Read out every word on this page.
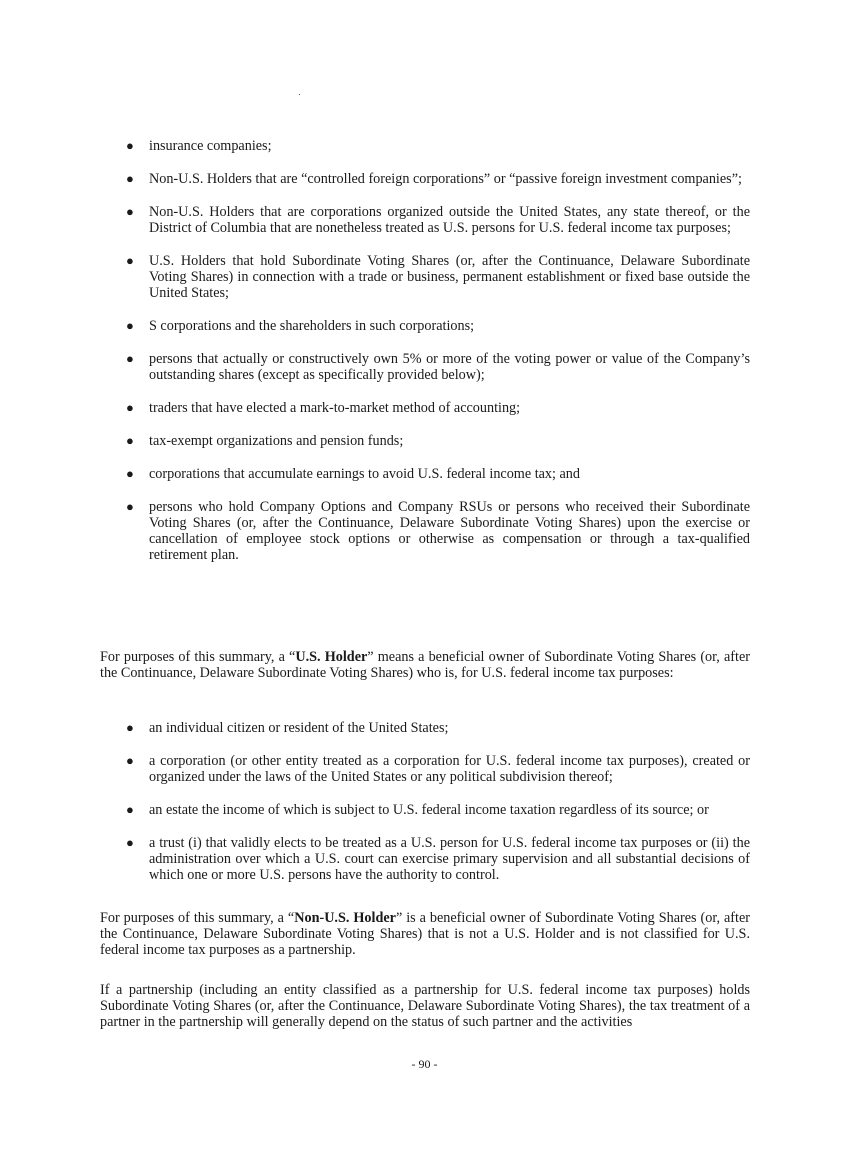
● insurance companies;
● Non-U.S. Holders that are “controlled foreign corporations” or “passive foreign investment companies”;
● Non-U.S. Holders that are corporations organized outside the United States, any state thereof, or the District of Columbia that are nonetheless treated as U.S. persons for U.S. federal income tax purposes;
● U.S. Holders that hold Subordinate Voting Shares (or, after the Continuance, Delaware Subordinate Voting Shares) in connection with a trade or business, permanent establishment or fixed base outside the United States;
● S corporations and the shareholders in such corporations;
● persons that actually or constructively own 5% or more of the voting power or value of the Company’s outstanding shares (except as specifically provided below);
● traders that have elected a mark-to-market method of accounting;
● tax-exempt organizations and pension funds;
● corporations that accumulate earnings to avoid U.S. federal income tax; and
● persons who hold Company Options and Company RSUs or persons who received their Subordinate Voting Shares (or, after the Continuance, Delaware Subordinate Voting Shares) upon the exercise or cancellation of employee stock options or otherwise as compensation or through a tax-qualified retirement plan.

For purposes of this summary, a “U.S. Holder” means a beneficial owner of Subordinate Voting Shares (or, after the Continuance, Delaware Subordinate Voting Shares) who is, for U.S. federal income tax purposes:

● an individual citizen or resident of the United States;
● a corporation (or other entity treated as a corporation for U.S. federal income tax purposes), created or organized under the laws of the United States or any political subdivision thereof;
● an estate the income of which is subject to U.S. federal income taxation regardless of its source; or
● a trust (i) that validly elects to be treated as a U.S. person for U.S. federal income tax purposes or (ii) the administration over which a U.S. court can exercise primary supervision and all substantial decisions of which one or more U.S. persons have the authority to control.

For purposes of this summary, a “Non-U.S. Holder” is a beneficial owner of Subordinate Voting Shares (or, after the Continuance, Delaware Subordinate Voting Shares) that is not a U.S. Holder and is not classified for U.S. federal income tax purposes as a partnership.

If a partnership (including an entity classified as a partnership for U.S. federal income tax purposes) holds Subordinate Voting Shares (or, after the Continuance, Delaware Subordinate Voting Shares), the tax treatment of a partner in the partnership will generally depend on the status of such partner and the activities

- 90 -
